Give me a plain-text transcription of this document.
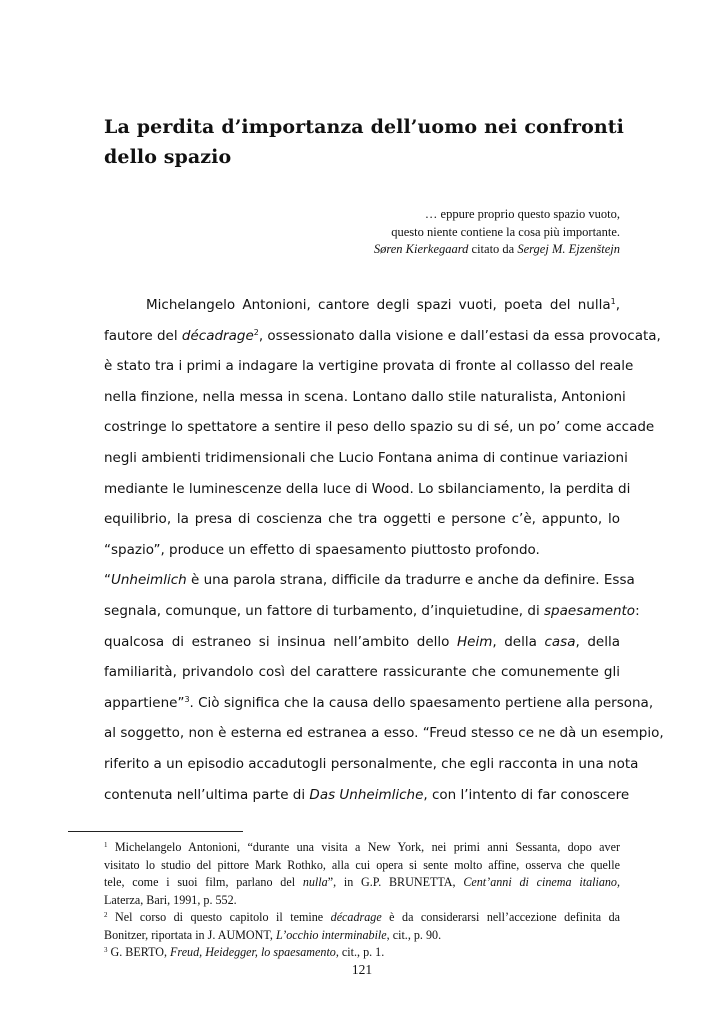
La perdita d’importanza dell’uomo nei confronti dello spazio
… eppure proprio questo spazio vuoto,
questo niente contiene la cosa più importante.
Søren Kierkegaard citato da Sergej M. Ejzenštejn
Michelangelo Antonioni, cantore degli spazi vuoti, poeta del nulla$^1$,
fautore del décadrage$^2$, ossessionato dalla visione e dall’estasi da essa provocata,
è stato tra i primi a indagare la vertigine provata di fronte al collasso del reale
nella finzione, nella messa in scena. Lontano dallo stile naturalista, Antonioni
costringe lo spettatore a sentire il peso dello spazio su di sé, un po’ come accade
negli ambienti tridimensionali che Lucio Fontana anima di continue variazioni
mediante le luminescenze della luce di Wood. Lo sbilanciamento, la perdita di
equilibrio, la presa di coscienza che tra oggetti e persone c’è, appunto, lo
“spazio”, produce un effetto di spaesamento piuttosto profondo.
“Unheimlich è una parola strana, difficile da tradurre e anche da definire. Essa
segnala, comunque, un fattore di turbamento, d’inquietudine, di spaesamento:
qualcosa di estraneo si insinua nell’ambito dello Heim, della casa, della
familiarità, privandolo così del carattere rassicurante che comunemente gli
appartiene”$^3$. Ciò significa che la causa dello spaesamento pertiene alla persona,
al soggetto, non è esterna ed estranea a esso. “Freud stesso ce ne dà un esempio,
riferito a un episodio accadutogli personalmente, che egli racconta in una nota
contenuta nell’ultima parte di Das Unheimliche, con l’intento di far conoscere
$^1$ Michelangelo Antonioni, “durante una visita a New York, nei primi anni Sessanta, dopo aver
visitato lo studio del pittore Mark Rothko, alla cui opera si sente molto affine, osserva che quelle
tele, come i suoi film, parlano del nulla”, in G.P. BRUNETTA, Cent’anni di cinema italiano,
Laterza, Bari, 1991, p. 552.
$^2$ Nel corso di questo capitolo il temine décadrage è da considerarsi nell’accezione definita da
Bonitzer, riportata in J. AUMONT, L’occhio interminabile, cit., p. 90.
$^3$ G. BERTO, Freud, Heidegger, lo spaesamento, cit., p. 1.
121
